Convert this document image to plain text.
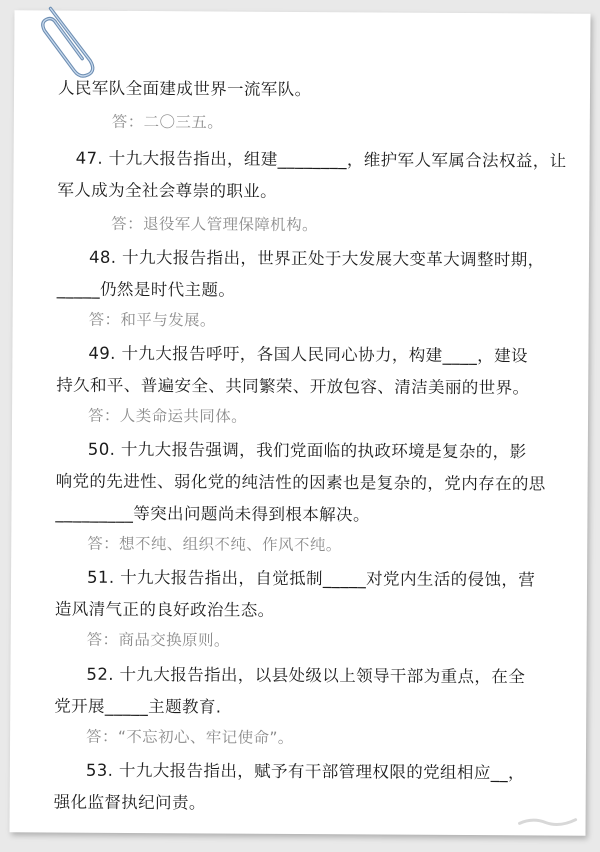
人民军队全面建成世界一流军队。
答：二〇三五。
47. 十九大报告指出，组建________，维护军人军属合法权益，让
军人成为全社会尊崇的职业。
答：退役军人管理保障机构。
48. 十九大报告指出，世界正处于大发展大变革大调整时期，
_____仍然是时代主题。
答：和平与发展。
49. 十九大报告呼吁，各国人民同心协力，构建____，建设
持久和平、普遍安全、共同繁荣、开放包容、清洁美丽的世界。
答：人类命运共同体。
50. 十九大报告强调，我们党面临的执政环境是复杂的，影
响党的先进性、弱化党的纯洁性的因素也是复杂的，党内存在的思
_________等突出问题尚未得到根本解决。
答：想不纯、组织不纯、作风不纯。
51. 十九大报告指出，自觉抵制_____对党内生活的侵蚀，营
造风清气正的良好政治生态。
答：商品交换原则。
52. 十九大报告指出，以县处级以上领导干部为重点，在全
党开展_____主题教育.
答：“不忘初心、牢记使命”。
53. 十九大报告指出，赋予有干部管理权限的党组相应__，
强化监督执纪问责。
